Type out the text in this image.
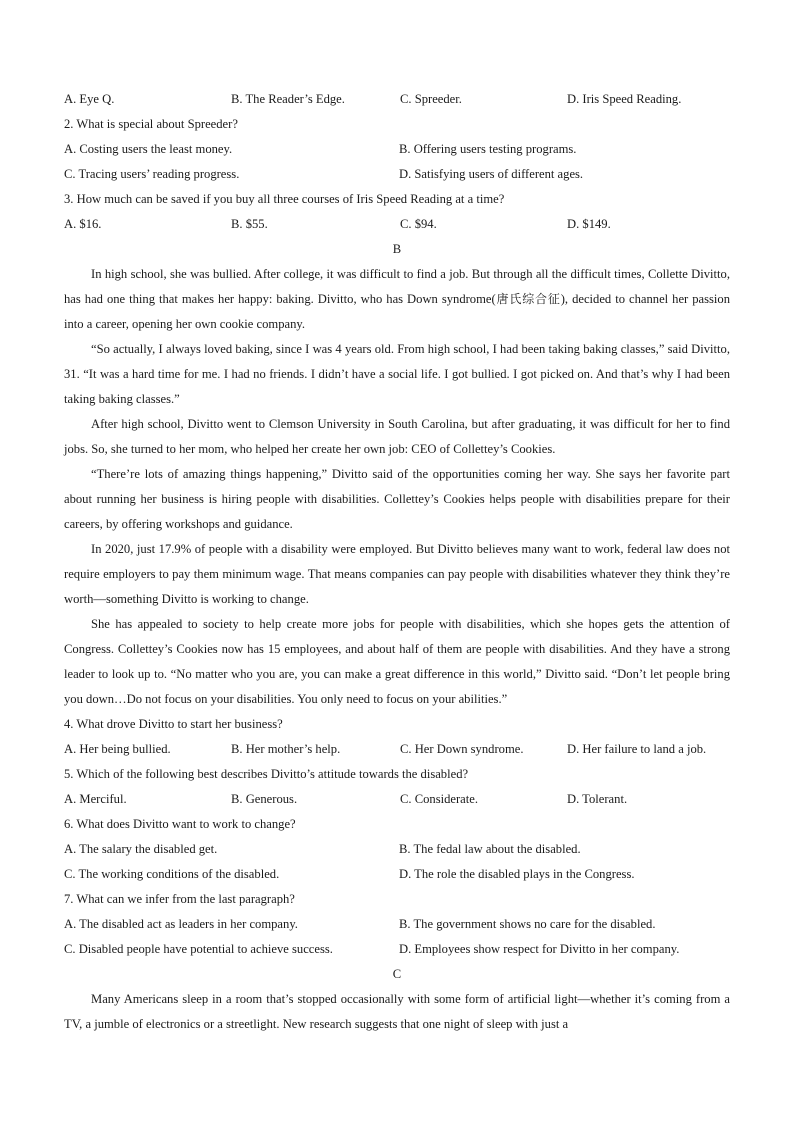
A. Eye Q.	B. The Reader’s Edge.	C. Spreeder.	D. Iris Speed Reading.
2. What is special about Spreeder?
A. Costing users the least money.	B. Offering users testing programs.
C. Tracing users’ reading progress.	D. Satisfying users of different ages.
3. How much can be saved if you buy all three courses of Iris Speed Reading at a time?
A. $16.	B. $55.	C. $94.	D. $149.
B

In high school, she was bullied. After college, it was difficult to find a job. But through all the difficult times, Collette Divitto, has had one thing that makes her happy: baking. Divitto, who has Down syndrome(唐氏综合征), decided to channel her passion into a career, opening her own cookie company.

“So actually, I always loved baking, since I was 4 years old. From high school, I had been taking baking classes,” said Divitto, 31. “It was a hard time for me. I had no friends. I didn’t have a social life. I got bullied. I got picked on. And that’s why I had been taking baking classes.”

After high school, Divitto went to Clemson University in South Carolina, but after graduating, it was difficult for her to find jobs. So, she turned to her mom, who helped her create her own job: CEO of Collettey’s Cookies.

“There’re lots of amazing things happening,” Divitto said of the opportunities coming her way. She says her favorite part about running her business is hiring people with disabilities. Collettey’s Cookies helps people with disabilities prepare for their careers, by offering workshops and guidance.

In 2020, just 17.9% of people with a disability were employed. But Divitto believes many want to work, federal law does not require employers to pay them minimum wage. That means companies can pay people with disabilities whatever they think they’re worth—something Divitto is working to change.

She has appealed to society to help create more jobs for people with disabilities, which she hopes gets the attention of Congress. Collettey’s Cookies now has 15 employees, and about half of them are people with disabilities. And they have a strong leader to look up to. “No matter who you are, you can make a great difference in this world,” Divitto said. “Don’t let people bring you down…Do not focus on your disabilities. You only need to focus on your abilities.”

4. What drove Divitto to start her business?
A. Her being bullied.	B. Her mother’s help.	C. Her Down syndrome.	D. Her failure to land a job.
5. Which of the following best describes Divitto’s attitude towards the disabled?
A. Merciful.	B. Generous.	C. Considerate.	D. Tolerant.
6. What does Divitto want to work to change?
A. The salary the disabled get.	B. The fedal law about the disabled.
C. The working conditions of the disabled.	D. The role the disabled plays in the Congress.
7. What can we infer from the last paragraph?
A. The disabled act as leaders in her company.	B. The government shows no care for the disabled.
C. Disabled people have potential to achieve success.	D. Employees show respect for Divitto in her company.
C

Many Americans sleep in a room that’s stopped occasionally with some form of artificial light—whether it’s coming from a TV, a jumble of electronics or a streetlight. New research suggests that one night of sleep with just a
